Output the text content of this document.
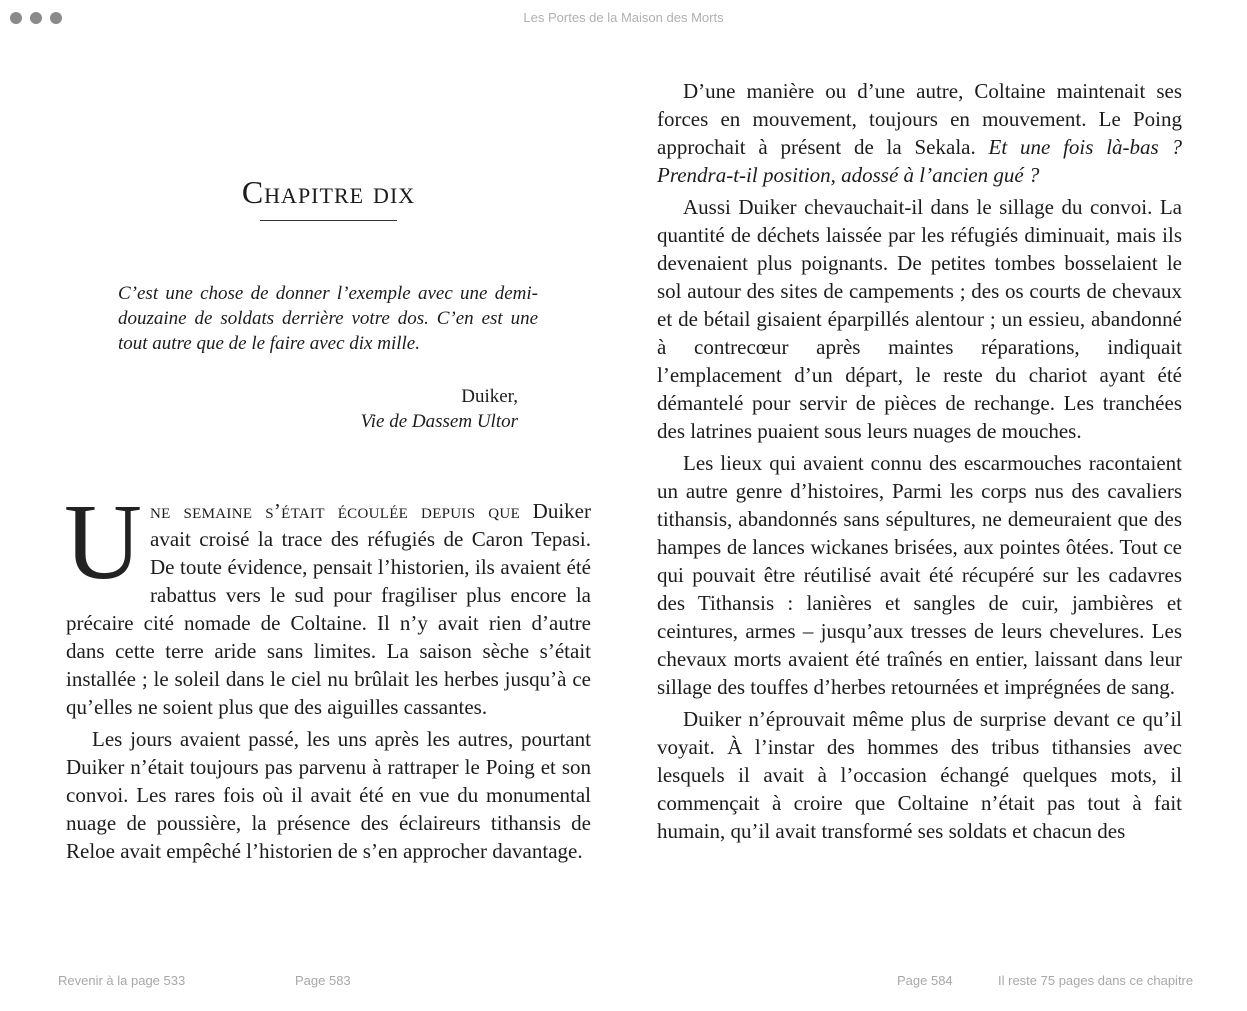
Les Portes de la Maison des Morts
Chapitre dix
C’est une chose de donner l’exemple avec une demi-douzaine de soldats derrière votre dos. C’en est une tout autre que de le faire avec dix mille.
Duiker,
Vie de Dassem Ultor

Une semaine s’était écoulée depuis que Duiker avait croisé la trace des réfugiés de Caron Tepasi. De toute évidence, pensait l’historien, ils avaient été rabattus vers le sud pour fragiliser plus encore la précaire cité nomade de Coltaine. Il n’y avait rien d’autre dans cette terre aride sans limites. La saison sèche s’était installée ; le soleil dans le ciel nu brûlait les herbes jusqu’à ce qu’elles ne soient plus que des aiguilles cassantes.

Les jours avaient passé, les uns après les autres, pourtant Duiker n’était toujours pas parvenu à rattraper le Poing et son convoi. Les rares fois où il avait été en vue du monumental nuage de poussière, la présence des éclaireurs tithansis de Reloe avait empêché l’historien de s’en approcher davantage.

D’une manière ou d’une autre, Coltaine maintenait ses forces en mouvement, toujours en mouvement. Le Poing approchait à présent de la Sekala. Et une fois là-bas ? Prendra-t-il position, adossé à l’ancien gué ?

Aussi Duiker chevauchait-il dans le sillage du convoi. La quantité de déchets laissée par les réfugiés diminuait, mais ils devenaient plus poignants. De petites tombes bosselaient le sol autour des sites de campements ; des os courts de chevaux et de bétail gisaient éparpillés alentour ; un essieu, abandonné à contrecœur après maintes réparations, indiquait l’emplacement d’un départ, le reste du chariot ayant été démantelé pour servir de pièces de rechange. Les tranchées des latrines puaient sous leurs nuages de mouches.

Les lieux qui avaient connu des escarmouches racontaient un autre genre d’histoires, Parmi les corps nus des cavaliers tithansis, abandonnés sans sépultures, ne demeuraient que des hampes de lances wickanes brisées, aux pointes ôtées. Tout ce qui pouvait être réutilisé avait été récupéré sur les cadavres des Tithansis : lanières et sangles de cuir, jambières et ceintures, armes – jusqu’aux tresses de leurs chevelures. Les chevaux morts avaient été traînés en entier, laissant dans leur sillage des touffes d’herbes retournées et imprégnées de sang.

Duiker n’éprouvait même plus de surprise devant ce qu’il voyait. À l’instar des hommes des tribus tithansies avec lesquels il avait à l’occasion échangé quelques mots, il commençait à croire que Coltaine n’était pas tout à fait humain, qu’il avait transformé ses soldats et chacun des

Revenir à la page 533	Page 583	Page 584	Il reste 75 pages dans ce chapitre
